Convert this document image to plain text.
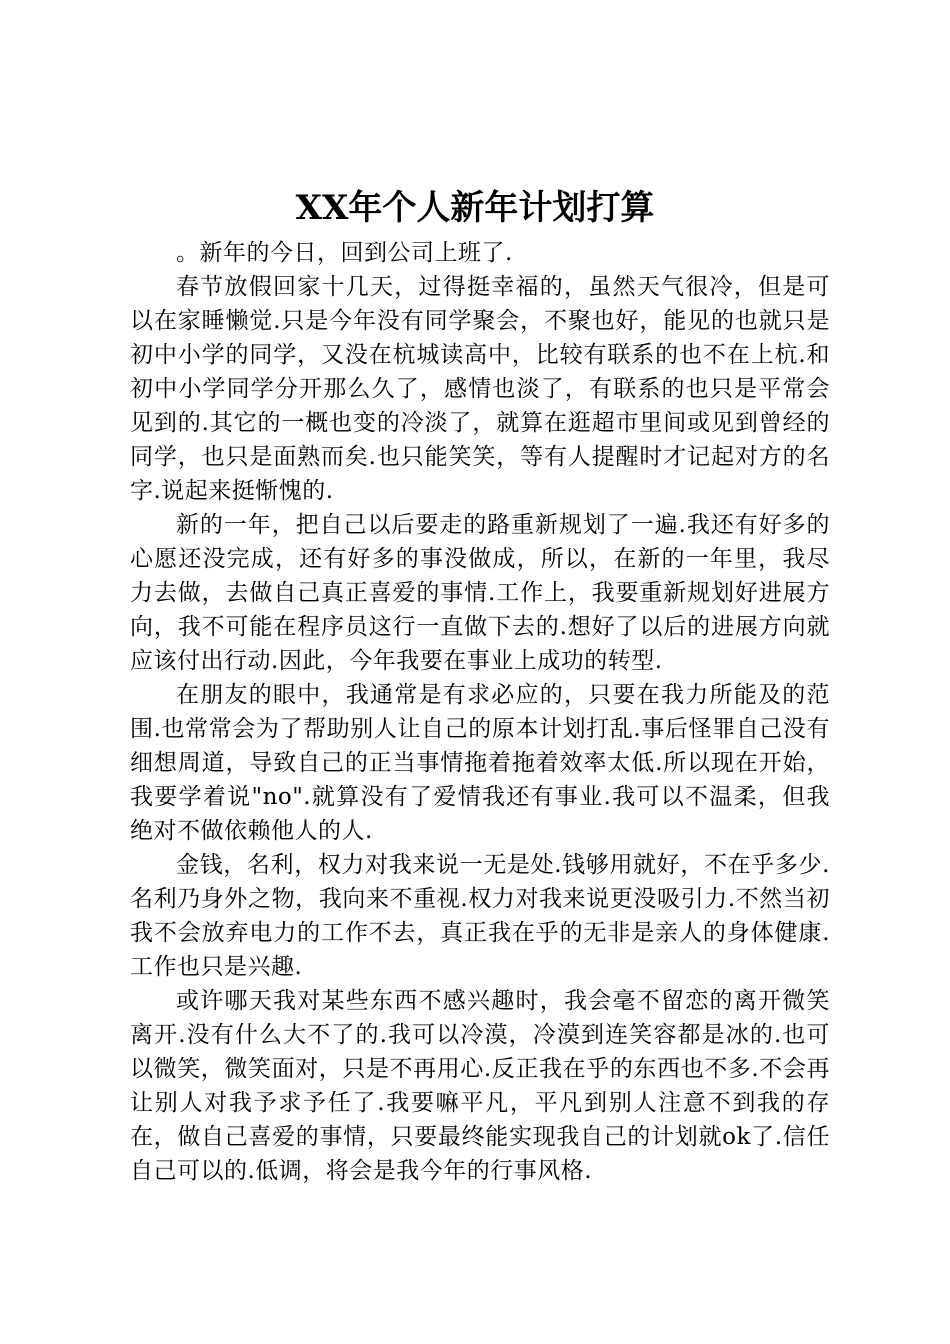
XX年个人新年计划打算

。新年的今日，回到公司上班了.

春节放假回家十几天，过得挺幸福的，虽然天气很冷，但是可以在家睡懒觉.只是今年没有同学聚会，不聚也好，能见的也就只是初中小学的同学，又没在杭城读高中，比较有联系的也不在上杭.和初中小学同学分开那么久了，感情也淡了，有联系的也只是平常会见到的.其它的一概也变的冷淡了，就算在逛超市里间或见到曾经的同学，也只是面熟而矣.也只能笑笑，等有人提醒时才记起对方的名字.说起来挺惭愧的.

新的一年，把自己以后要走的路重新规划了一遍.我还有好多的心愿还没完成，还有好多的事没做成，所以，在新的一年里，我尽力去做，去做自己真正喜爱的事情.工作上，我要重新规划好进展方向，我不可能在程序员这行一直做下去的.想好了以后的进展方向就应该付出行动.因此，今年我要在事业上成功的转型.

在朋友的眼中，我通常是有求必应的，只要在我力所能及的范围.也常常会为了帮助别人让自己的原本计划打乱.事后怪罪自己没有细想周道，导致自己的正当事情拖着拖着效率太低.所以现在开始，我要学着说"no".就算没有了爱情我还有事业.我可以不温柔，但我绝对不做依赖他人的人.

金钱，名利，权力对我来说一无是处.钱够用就好，不在乎多少.名利乃身外之物，我向来不重视.权力对我来说更没吸引力.不然当初我不会放弃电力的工作不去，真正我在乎的无非是亲人的身体健康.工作也只是兴趣.

或许哪天我对某些东西不感兴趣时，我会毫不留恋的离开微笑离开.没有什么大不了的.我可以冷漠，冷漠到连笑容都是冰的.也可以微笑，微笑面对，只是不再用心.反正我在乎的东西也不多.不会再让别人对我予求予任了.我要嘛平凡，平凡到别人注意不到我的存在，做自己喜爱的事情，只要最终能实现我自己的计划就ok了.信任自己可以的.低调，将会是我今年的行事风格.
